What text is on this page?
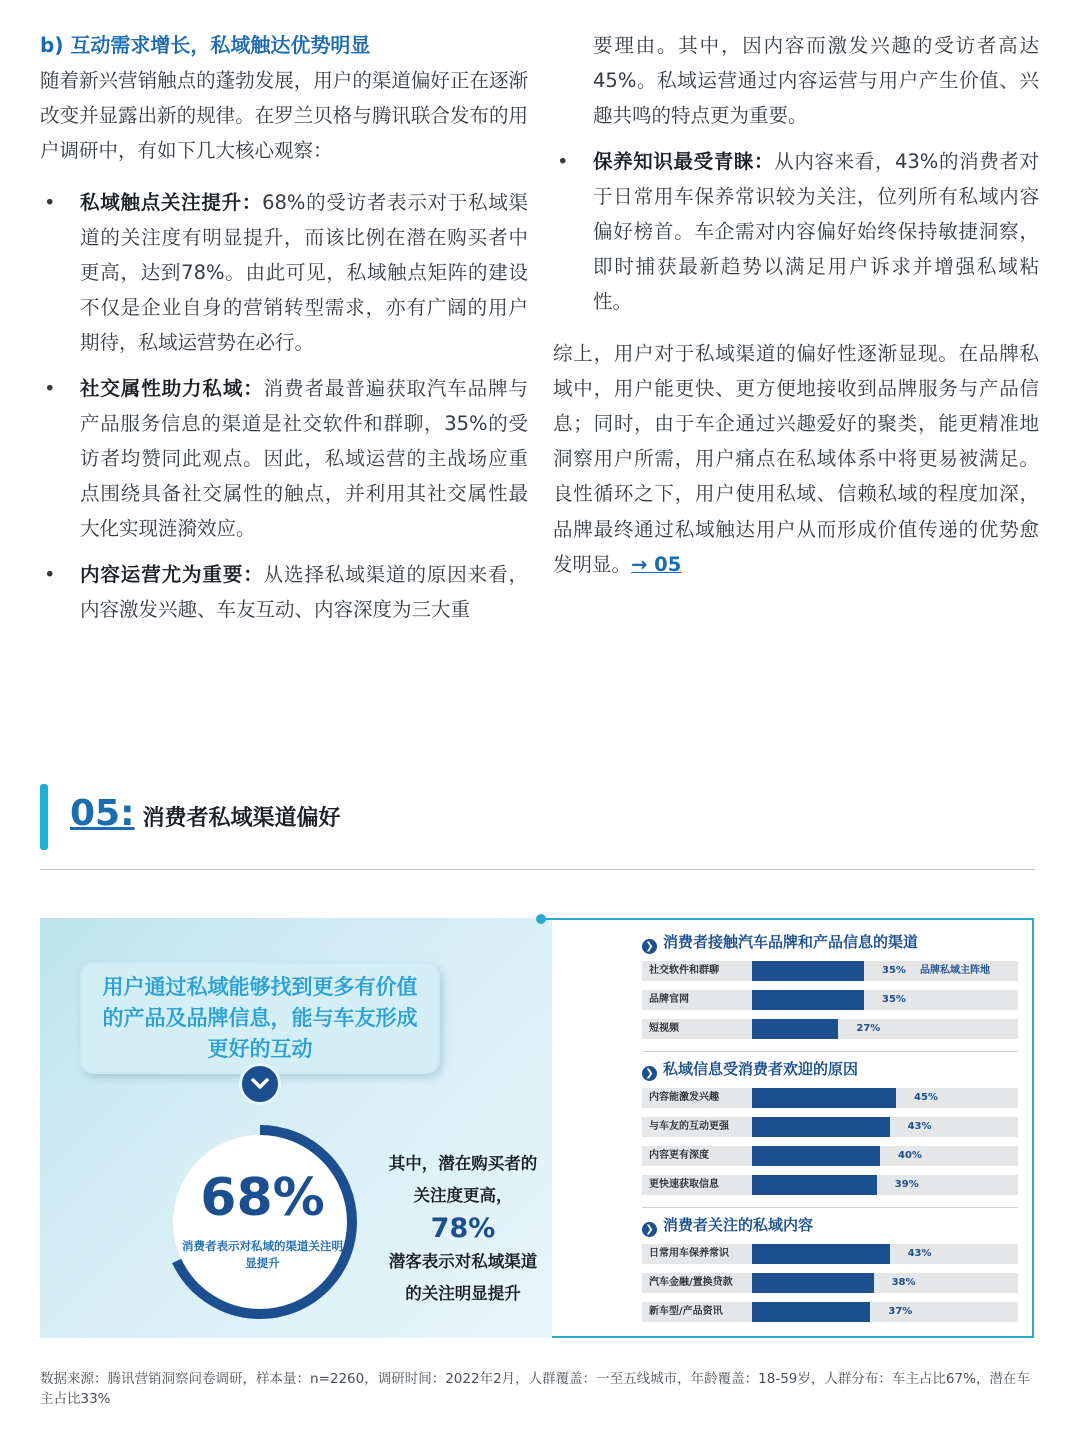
b) 互动需求增长，私域触达优势明显

随着新兴营销触点的蓬勃发展，用户的渠道偏好正在逐渐改变并显露出新的规律。在罗兰贝格与腾讯联合发布的用户调研中，有如下几大核心观察：

• 私域触点关注提升：68%的受访者表示对于私域渠道的关注度有明显提升，而该比例在潜在购买者中更高，达到78%。由此可见，私域触点矩阵的建设不仅是企业自身的营销转型需求，亦有广阔的用户期待，私域运营势在必行。
• 社交属性助力私域：消费者最普遍获取汽车品牌与产品服务信息的渠道是社交软件和群聊，35%的受访者均赞同此观点。因此，私域运营的主战场应重点围绕具备社交属性的触点，并利用其社交属性最大化实现涟漪效应。
• 内容运营尤为重要：从选择私域渠道的原因来看，内容激发兴趣、车友互动、内容深度为三大重

要理由。其中，因内容而激发兴趣的受访者高达45%。私域运营通过内容运营与用户产生价值、兴趣共鸣的特点更为重要。

• 保养知识最受青睐：从内容来看，43%的消费者对于日常用车保养常识较为关注，位列所有私域内容偏好榜首。车企需对内容偏好始终保持敏捷洞察，即时捕获最新趋势以满足用户诉求并增强私域粘性。

综上，用户对于私域渠道的偏好性逐渐显现。在品牌私域中，用户能更快、更方便地接收到品牌服务与产品信息；同时，由于车企通过兴趣爱好的聚类，能更精准地洞察用户所需，用户痛点在私域体系中将更易被满足。良性循环之下，用户使用私域、信赖私域的程度加深，品牌最终通过私域触达用户从而形成价值传递的优势愈发明显。→ 05

05: 消费者私域渠道偏好
用户通过私域能够找到更多有价值的产品及品牌信息，能与车友形成更好的互动
68%
消费者表示对私域的渠道关注明显提升
其中，潜在购买者的
关注度更高，
78%
潜客表示对私域渠道
的关注明显提升
❯ 消费者接触汽车品牌和产品信息的渠道
社交软件和群聊	35% 品牌私域主阵地
品牌官网	35%
短视频	27%
❯ 私域信息受消费者欢迎的原因
内容能激发兴趣	45%
与车友的互动更强	43%
内容更有深度	40%
更快速获取信息	39%
❯ 消费者关注的私域内容
日常用车保养常识	43%
汽车金融/置换贷款	38%
新车型/产品资讯	37%
数据来源：腾讯营销洞察问卷调研，样本量：n=2260，调研时间：2022年2月，人群覆盖：一至五线城市，年龄覆盖：18-59岁，人群分布：车主占比67%，潜在车主占比33%
